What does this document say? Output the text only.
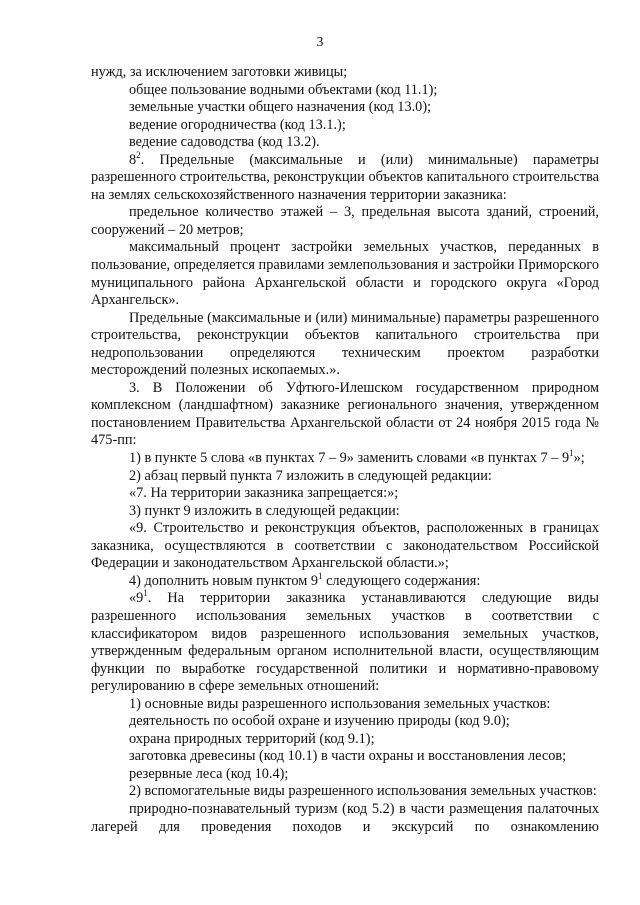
3

нужд, за исключением заготовки живицы;

общее пользование водными объектами (код 11.1);

земельные участки общего назначения (код 13.0);

ведение огородничества (код 13.1.);

ведение садоводства (код 13.2).

$8^2$. Предельные (максимальные и (или) минимальные) параметры разрешенного строительства, реконструкции объектов капитального строительства на землях сельскохозяйственного назначения территории заказника:

предельное количество этажей – 3, предельная высота зданий, строений, сооружений – 20 метров;

максимальный процент застройки земельных участков, переданных в пользование, определяется правилами землепользования и застройки Приморского муниципального района Архангельской области и городского округа «Город Архангельск».

Предельные (максимальные и (или) минимальные) параметры разрешенного строительства, реконструкции объектов капитального строительства при недропользовании определяются техническим проектом разработки месторождений полезных ископаемых.».

3. В Положении об Уфтюго-Илешском государственном природном комплексном (ландшафтном) заказнике регионального значения, утвержденном постановлением Правительства Архангельской области от 24 ноября 2015 года № 475-пп:

1) в пункте 5 слова «в пунктах 7 – 9» заменить словами «в пунктах $7 - 9^1$»;

2) абзац первый пункта 7 изложить в следующей редакции:

«7. На территории заказника запрещается:»;

3) пункт 9 изложить в следующей редакции:

«9. Строительство и реконструкция объектов, расположенных в границах заказника, осуществляются в соответствии с законодательством Российской Федерации и законодательством Архангельской области.»;

4) дополнить новым пунктом $9^1$ следующего содержания:

«$9^1$. На территории заказника устанавливаются следующие виды разрешенного использования земельных участков в соответствии с классификатором видов разрешенного использования земельных участков, утвержденным федеральным органом исполнительной власти, осуществляющим функции по выработке государственной политики и нормативно-правовому регулированию в сфере земельных отношений:

1) основные виды разрешенного использования земельных участков:

деятельность по особой охране и изучению природы (код 9.0);

охрана природных территорий (код 9.1);

заготовка древесины (код 10.1) в части охраны и восстановления лесов;

резервные леса (код 10.4);

2) вспомогательные виды разрешенного использования земельных участков:

природно-познавательный туризм (код 5.2) в части размещения палаточных лагерей для проведения походов и экскурсий по ознакомлению
